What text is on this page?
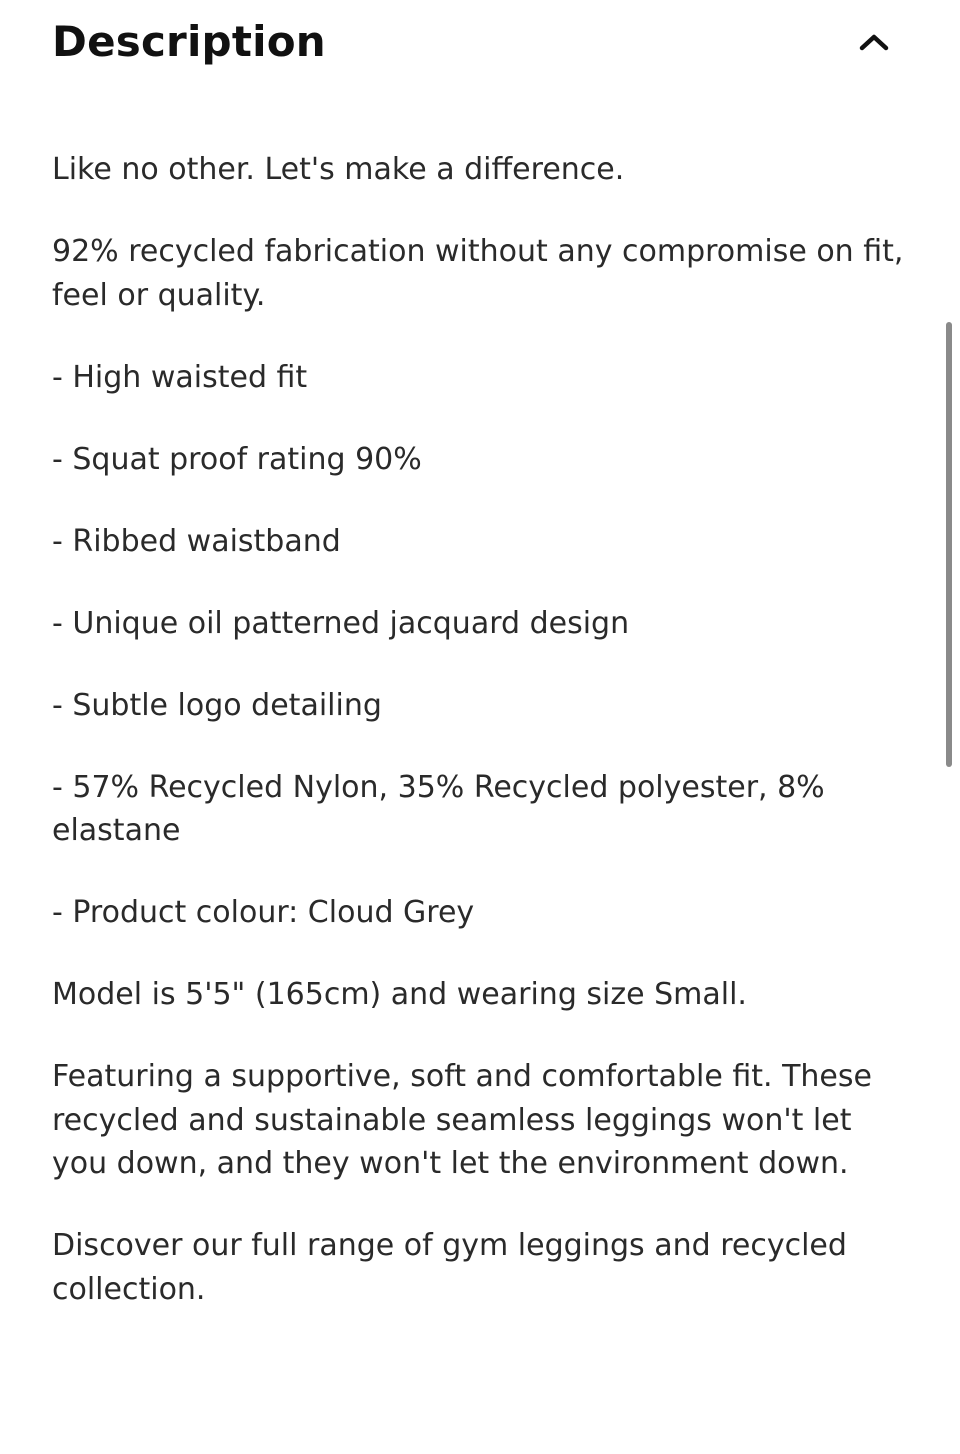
Description

Like no other. Let's make a difference.

92% recycled fabrication without any compromise on fit, feel or quality.

- High waisted fit

- Squat proof rating 90%

- Ribbed waistband

- Unique oil patterned jacquard design

- Subtle logo detailing

- 57% Recycled Nylon, 35% Recycled polyester, 8% elastane

- Product colour: Cloud Grey

Model is 5'5" (165cm) and wearing size Small.

Featuring a supportive, soft and comfortable fit. These recycled and sustainable seamless leggings won't let you down, and they won't let the environment down.

Discover our full range of gym leggings and recycled collection.
